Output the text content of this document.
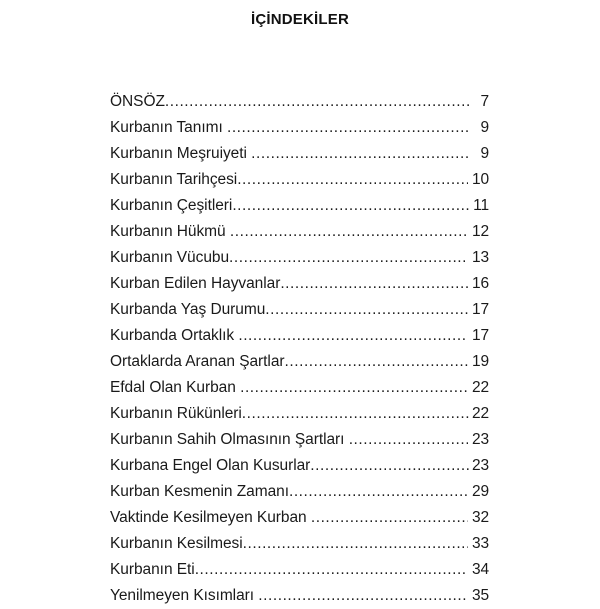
İÇİNDEKİLER
ÖNSÖZ .....	7
Kurbanın Tanımı .....	9
Kurbanın Meşruiyeti .....	9
Kurbanın Tarihçesi .....	10
Kurbanın Çeşitleri .....	11
Kurbanın Hükmü .....	12
Kurbanın Vücubu .....	13
Kurban Edilen Hayvanlar .....	16
Kurbanda Yaş Durumu .....	17
Kurbanda Ortaklık .....	17
Ortaklarda Aranan Şartlar .....	19
Efdal Olan Kurban .....	22
Kurbanın Rükünleri .....	22
Kurbanın Sahih Olmasının Şartları .....	23
Kurbana Engel Olan Kusurlar .....	23
Kurban Kesmenin Zamanı .....	29
Vaktinde Kesilmeyen Kurban .....	32
Kurbanın Kesilmesi .....	33
Kurbanın Eti .....	34
Yenilmeyen Kısımları .....	35
